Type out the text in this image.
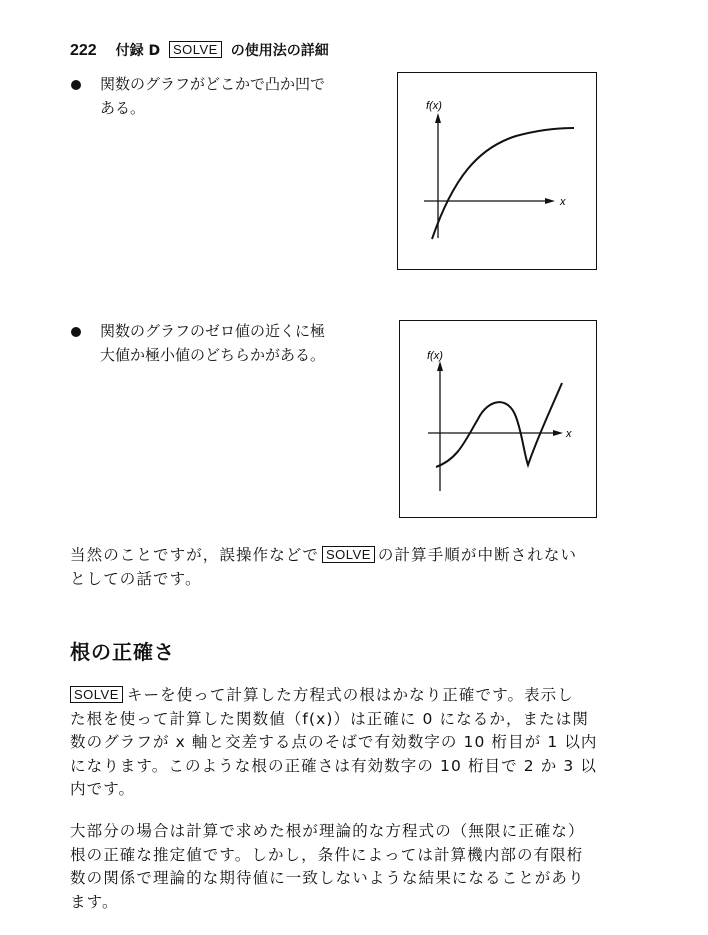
222 付録 D SOLVE の使用法の詳細
関数のグラフがどこかで凸か凹で
ある。	f(x)
x
関数のグラフのゼロ値の近くに極
大値か極小値のどちらかがある。	f(x)
x
当然のことですが，誤操作などで SOLVE の計算手順が中断されない
としての話です。
根の正確さ
SOLVE キーを使って計算した方程式の根はかなり正確です。表示し
た根を使って計算した関数値（f(x)）は正確に 0 になるか，または関
数のグラフが x 軸と交差する点のそばで有効数字の 10 桁目が 1 以内
になります。このような根の正確さは有効数字の 10 桁目で 2 か 3 以
内です。
大部分の場合は計算で求めた根が理論的な方程式の（無限に正確な）
根の正確な推定値です。しかし，条件によっては計算機内部の有限桁
数の関係で理論的な期待値に一致しないような結果になることがあり
ます。
